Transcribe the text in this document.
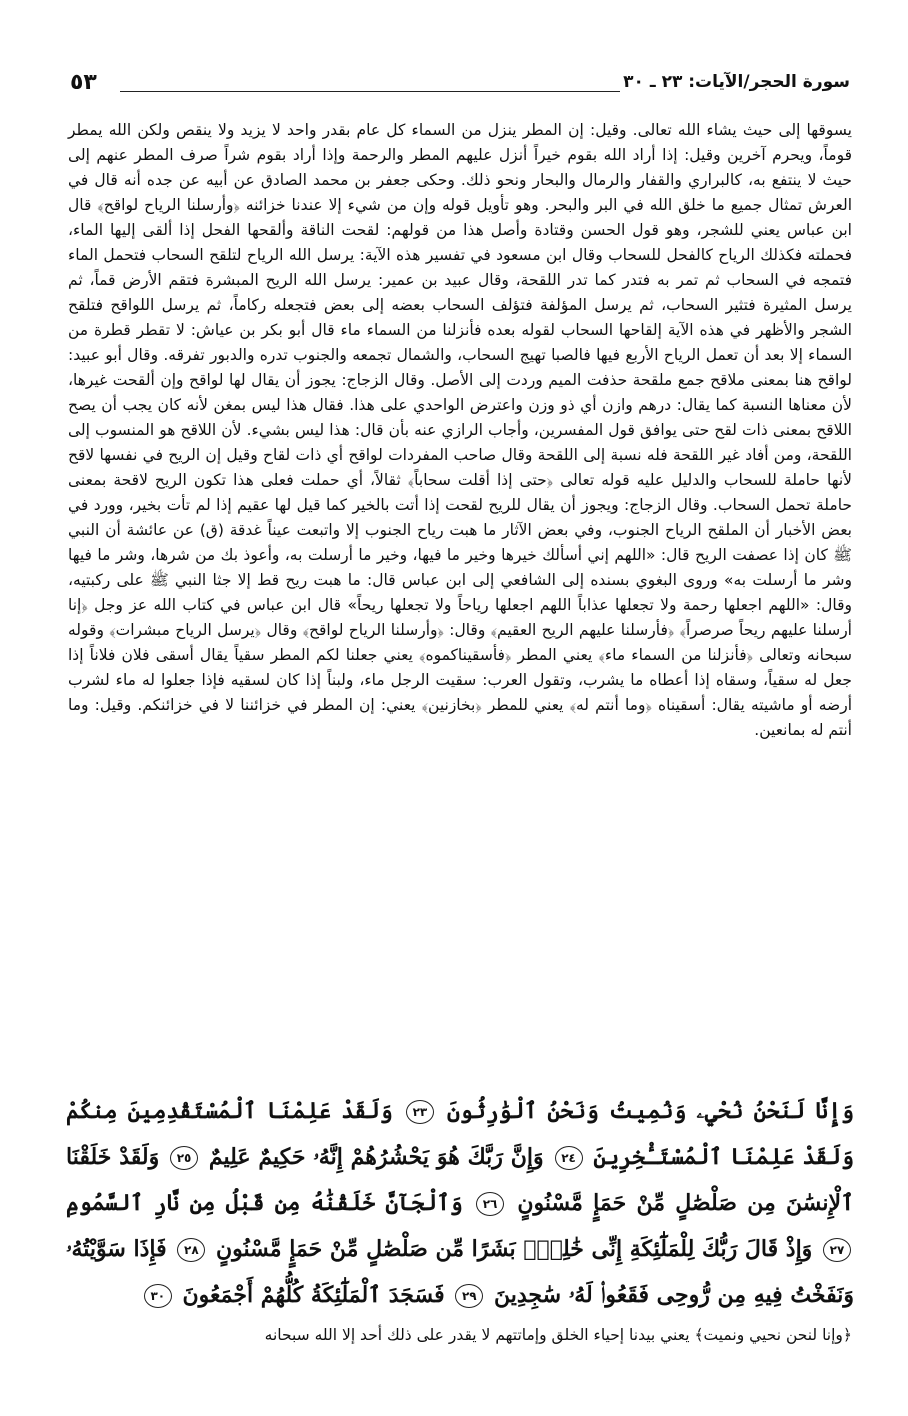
٥٣	سورة الحجر/الآيات: ٢٣ ـ ٣٠

يسوقها إلى حيث يشاء الله تعالى. وقيل: إن المطر ينزل من السماء كل عام بقدر واحد لا يزيد ولا ينقص ولكن الله يمطر قوماً، ويحرم آخرين وقيل: إذا أراد الله بقوم خيراً أنزل عليهم المطر والرحمة وإذا أراد بقوم شراً صرف المطر عنهم إلى حيث لا ينتفع به، كالبراري والقفار والرمال والبحار ونحو ذلك. وحكى جعفر بن محمد الصادق عن أبيه عن جده أنه قال في العرش تمثال جميع ما خلق الله في البر والبحر. وهو تأويل قوله وإن من شيء إلا عندنا خزائنه ﴿وأرسلنا الرياح لواقح﴾ قال ابن عباس يعني للشجر، وهو قول الحسن وقتادة وأصل هذا من قولهم: لقحت الناقة وألقحها الفحل إذا ألقى إليها الماء، فحملته فكذلك الرياح كالفحل للسحاب وقال ابن مسعود في تفسير هذه الآية: يرسل الله الرياح لتلقح السحاب فتحمل الماء فتمجه في السحاب ثم تمر به فتدر كما تدر اللقحة، وقال عبيد بن عمير: يرسل الله الريح المبشرة فتقم الأرض قماً، ثم يرسل المثيرة فتثير السحاب، ثم يرسل المؤلفة فتؤلف السحاب بعضه إلى بعض فتجعله ركاماً، ثم يرسل اللواقح فتلقح الشجر والأظهر في هذه الآية إلقاحها السحاب لقوله بعده فأنزلنا من السماء ماء قال أبو بكر بن عياش: لا تقطر قطرة من السماء إلا بعد أن تعمل الرياح الأربع فيها فالصبا تهيج السحاب، والشمال تجمعه والجنوب تدره والدبور تفرقه. وقال أبو عبيد: لواقح هنا بمعنى ملاقح جمع ملقحة حذفت الميم وردت إلى الأصل. وقال الزجاج: يجوز أن يقال لها لواقح وإن ألقحت غيرها، لأن معناها النسبة كما يقال: درهم وازن أي ذو وزن واعترض الواحدي على هذا. فقال هذا ليس بمغن لأنه كان يجب أن يصح اللاقح بمعنى ذات لقح حتى يوافق قول المفسرين، وأجاب الرازي عنه بأن قال: هذا ليس بشيء. لأن اللاقح هو المنسوب إلى اللقحة، ومن أفاد غير اللقحة فله نسبة إلى اللقحة وقال صاحب المفردات لواقح أي ذات لقاح وقيل إن الريح في نفسها لاقح لأنها حاملة للسحاب والدليل عليه قوله تعالى ﴿حتى إذا أقلت سحاباً﴾ ثقالاً، أي حملت فعلى هذا تكون الريح لاقحة بمعنى حاملة تحمل السحاب. وقال الزجاج: ويجوز أن يقال للريح لقحت إذا أتت بالخير كما قيل لها عقيم إذا لم تأت بخير، وورد في بعض الأخبار أن الملقح الرياح الجنوب، وفي بعض الآثار ما هبت رياح الجنوب إلا واتبعت عيناً غدقة (ق) عن عائشة أن النبي ﷺ كان إذا عصفت الريح قال: «اللهم إني أسألك خيرها وخير ما فيها، وخير ما أرسلت به، وأعوذ بك من شرها، وشر ما فيها وشر ما أرسلت به» وروى البغوي بسنده إلى الشافعي إلى ابن عباس قال: ما هبت ريح قط إلا جثا النبي ﷺ على ركبتيه، وقال: «اللهم اجعلها رحمة ولا تجعلها عذاباً اللهم اجعلها رياحاً ولا تجعلها ريحاً» قال ابن عباس في كتاب الله عز وجل ﴿إنا أرسلنا عليهم ريحاً صرصراً﴾ ﴿فأرسلنا عليهم الريح العقيم﴾ وقال: ﴿وأرسلنا الرياح لواقح﴾ وقال ﴿يرسل الرياح مبشرات﴾ وقوله سبحانه وتعالى ﴿فأنزلنا من السماء ماء﴾ يعني المطر ﴿فأسقيناكموه﴾ يعني جعلنا لكم المطر سقياً يقال أسقى فلان فلاناً إذا جعل له سقياً، وسقاه إذا أعطاه ما يشرب، وتقول العرب: سقيت الرجل ماء، ولبناً إذا كان لسقيه فإذا جعلوا له ماء لشرب أرضه أو ماشيته يقال: أسقيناه ﴿وما أنتم له﴾ يعني للمطر ﴿بخازنين﴾ يعني: إن المطر في خزائننا لا في خزائنكم. وقيل: وما أنتم له بمانعين.

وَإِنَّا لَنَحْنُ نُحْيِۦ وَنُمِيتُ وَنَحْنُ ٱلْوَٰرِثُونَ ٢٣ وَلَقَدْ عَلِمْنَا ٱلْمُسْتَقْدِمِينَ مِنكُمْ وَلَقَدْ عَلِمْنَا ٱلْمُسْتَـْٔخِرِينَ ٢٤ وَإِنَّ رَبَّكَ هُوَ يَحْشُرُهُمْ إِنَّهُۥ حَكِيمٌ عَلِيمٌ ٢٥ وَلَقَدْ خَلَقْنَا ٱلْإِنسَٰنَ مِن صَلْصَٰلٍ مِّنْ حَمَإٍ مَّسْنُونٍ ٢٦ وَٱلْجَآنَّ خَلَقْنَٰهُ مِن قَبْلُ مِن نَّارِ ٱلسَّمُومِ ٢٧ وَإِذْ قَالَ رَبُّكَ لِلْمَلَٰٓئِكَةِ إِنِّى خَٰلِقٌۢ بَشَرًا مِّن صَلْصَٰلٍ مِّنْ حَمَإٍ مَّسْنُونٍ ٢٨ فَإِذَا سَوَّيْتُهُۥ وَنَفَخْتُ فِيهِ مِن رُّوحِى فَقَعُوا۟ لَهُۥ سَٰجِدِينَ ٢٩ فَسَجَدَ ٱلْمَلَٰٓئِكَةُ كُلُّهُمْ أَجْمَعُونَ ٣٠

﴿وإنا لنحن نحيي ونميت﴾ يعني بيدنا إحياء الخلق وإماتتهم لا يقدر على ذلك أحد إلا الله سبحانه
